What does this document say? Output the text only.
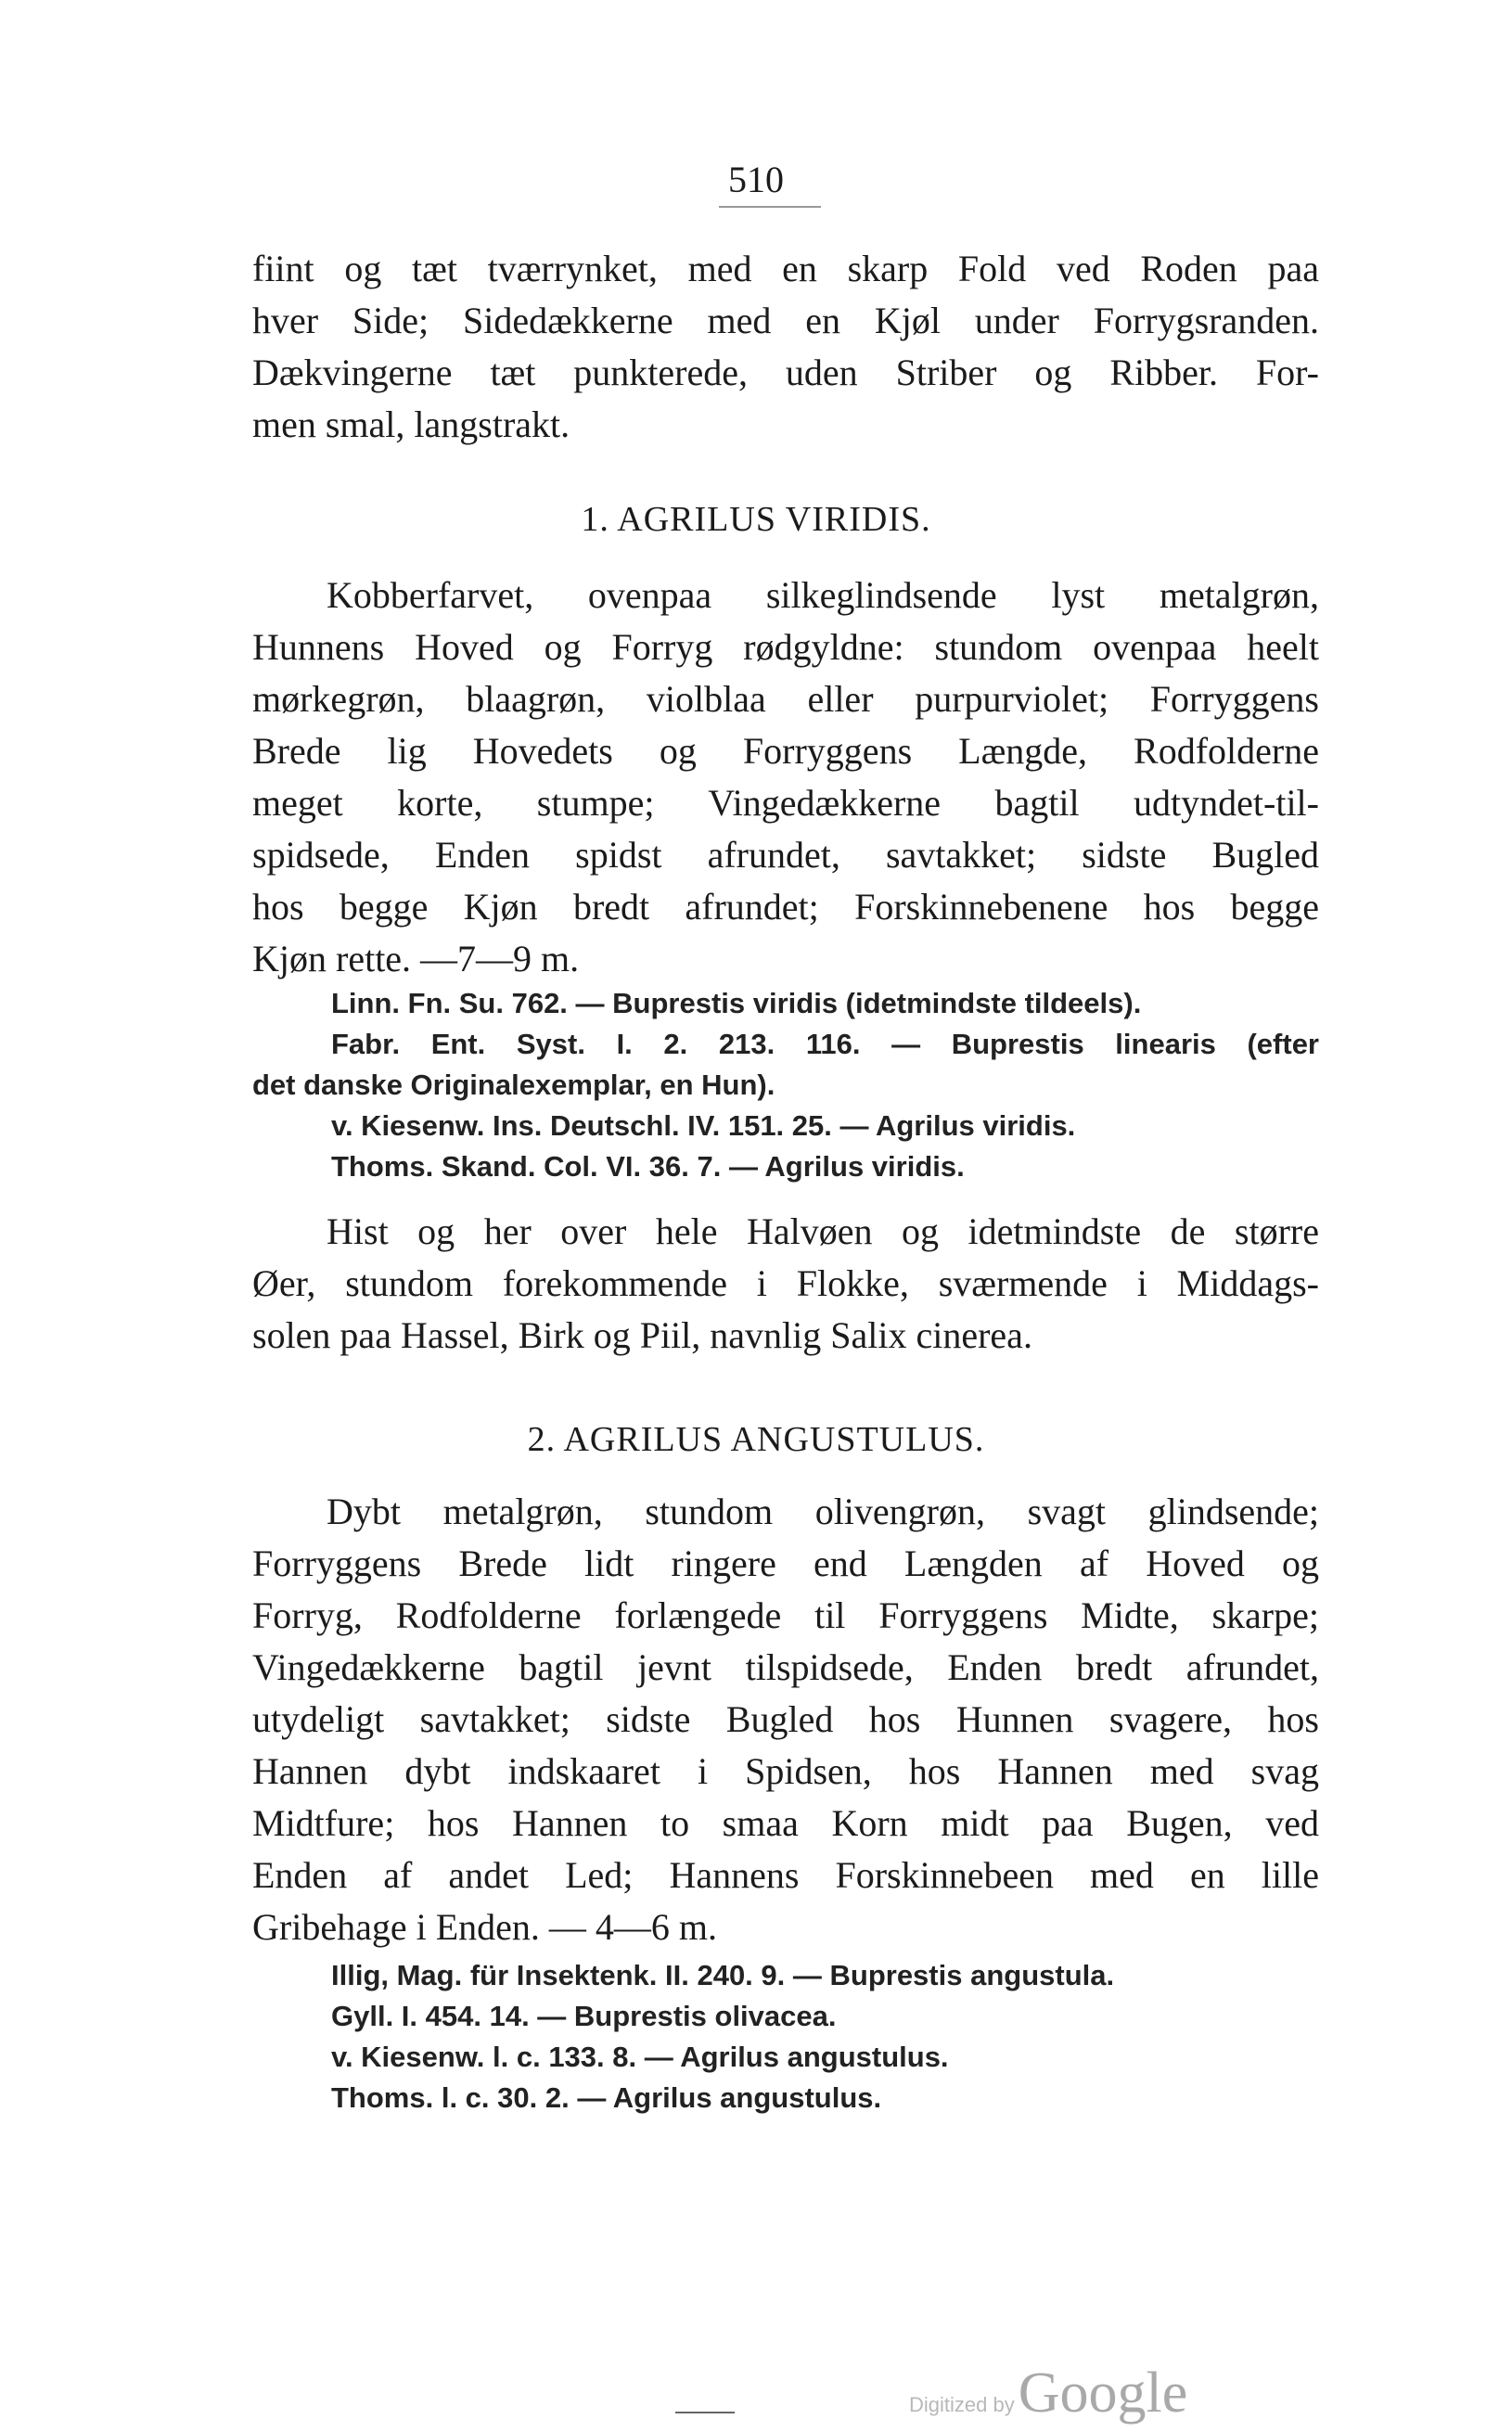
510
fiint og tæt tværrynket, med en skarp Fold ved Roden paa
hver Side; Sidedækkerne med en Kjøl under Forrygsranden.
Dækvingerne tæt punkterede, uden Striber og Ribber. For-
men smal, langstrakt.
1. AGRILUS VIRIDIS.
Kobberfarvet, ovenpaa silkeglindsende lyst metalgrøn,
Hunnens Hoved og Forryg rødgyldne: stundom ovenpaa heelt
mørkegrøn, blaagrøn, violblaa eller purpurviolet; Forryggens
Brede lig Hovedets og Forryggens Længde, Rodfolderne
meget korte, stumpe; Vingedækkerne bagtil udtyndet-til-
spidsede, Enden spidst afrundet, savtakket; sidste Bugled
hos begge Kjøn bredt afrundet; Forskinnebenene hos begge
Kjøn rette. —7—9 m.
Linn. Fn. Su. 762. — Buprestis viridis (idetmindste tildeels).
Fabr. Ent. Syst. I. 2. 213. 116. — Buprestis linearis (efter
det danske Originalexemplar, en Hun).
v. Kiesenw. Ins. Deutschl. IV. 151. 25. — Agrilus viridis.
Thoms. Skand. Col. VI. 36. 7. — Agrilus viridis.
Hist og her over hele Halvøen og idetmindste de større
Øer, stundom forekommende i Flokke, sværmende i Middags-
solen paa Hassel, Birk og Piil, navnlig Salix cinerea.
2. AGRILUS ANGUSTULUS.
Dybt metalgrøn, stundom olivengrøn, svagt glindsende;
Forryggens Brede lidt ringere end Længden af Hoved og
Forryg, Rodfolderne forlængede til Forryggens Midte, skarpe;
Vingedækkerne bagtil jevnt tilspidsede, Enden bredt afrundet,
utydeligt savtakket; sidste Bugled hos Hunnen svagere, hos
Hannen dybt indskaaret i Spidsen, hos Hannen med svag
Midtfure; hos Hannen to smaa Korn midt paa Bugen, ved
Enden af andet Led; Hannens Forskinnebeen med en lille
Gribehage i Enden. — 4—6 m.
Illig, Mag. für Insektenk. II. 240. 9. — Buprestis angustula.
Gyll. I. 454. 14. — Buprestis olivacea.
v. Kiesenw. l. c. 133. 8. — Agrilus angustulus.
Thoms. l. c. 30. 2. — Agrilus angustulus.
Digitized by Google
